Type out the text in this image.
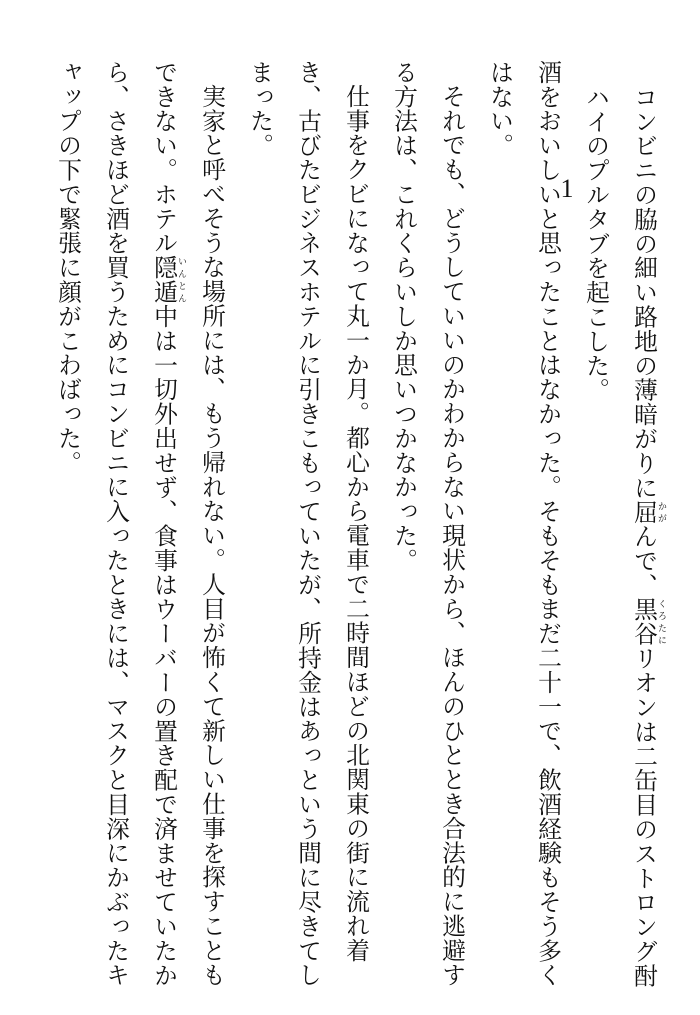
1	コンビニの脇の細い路地の薄暗がりに屈かがんで、黒谷くろたにリオンは二缶目のストロング酎ハイのプルタブを起こした。

酒をおいしいと思ったことはなかった。そもそもまだ二十一で、飲酒経験もそう多くはない。

それでも、どうしていいのかわからない現状から、ほんのひととき合法的に逃避する方法は、これくらいしか思いつかなかった。

仕事をクビになって丸一か月。都心から電車で二時間ほどの北関東の街に流れ着き、古びたビジネスホテルに引きこもっていたが、所持金はあっという間に尽きてしまった。

実家と呼べそうな場所には、もう帰れない。人目が怖くて新しい仕事を探すこともできない。ホテル隠遁いんとん中は一切外出せず、食事はウーバーの置き配で済ませていたから、さきほど酒を買うためにコンビニに入ったときには、マスクと目深にかぶったキャップの下で緊張に顔がこわばった。
